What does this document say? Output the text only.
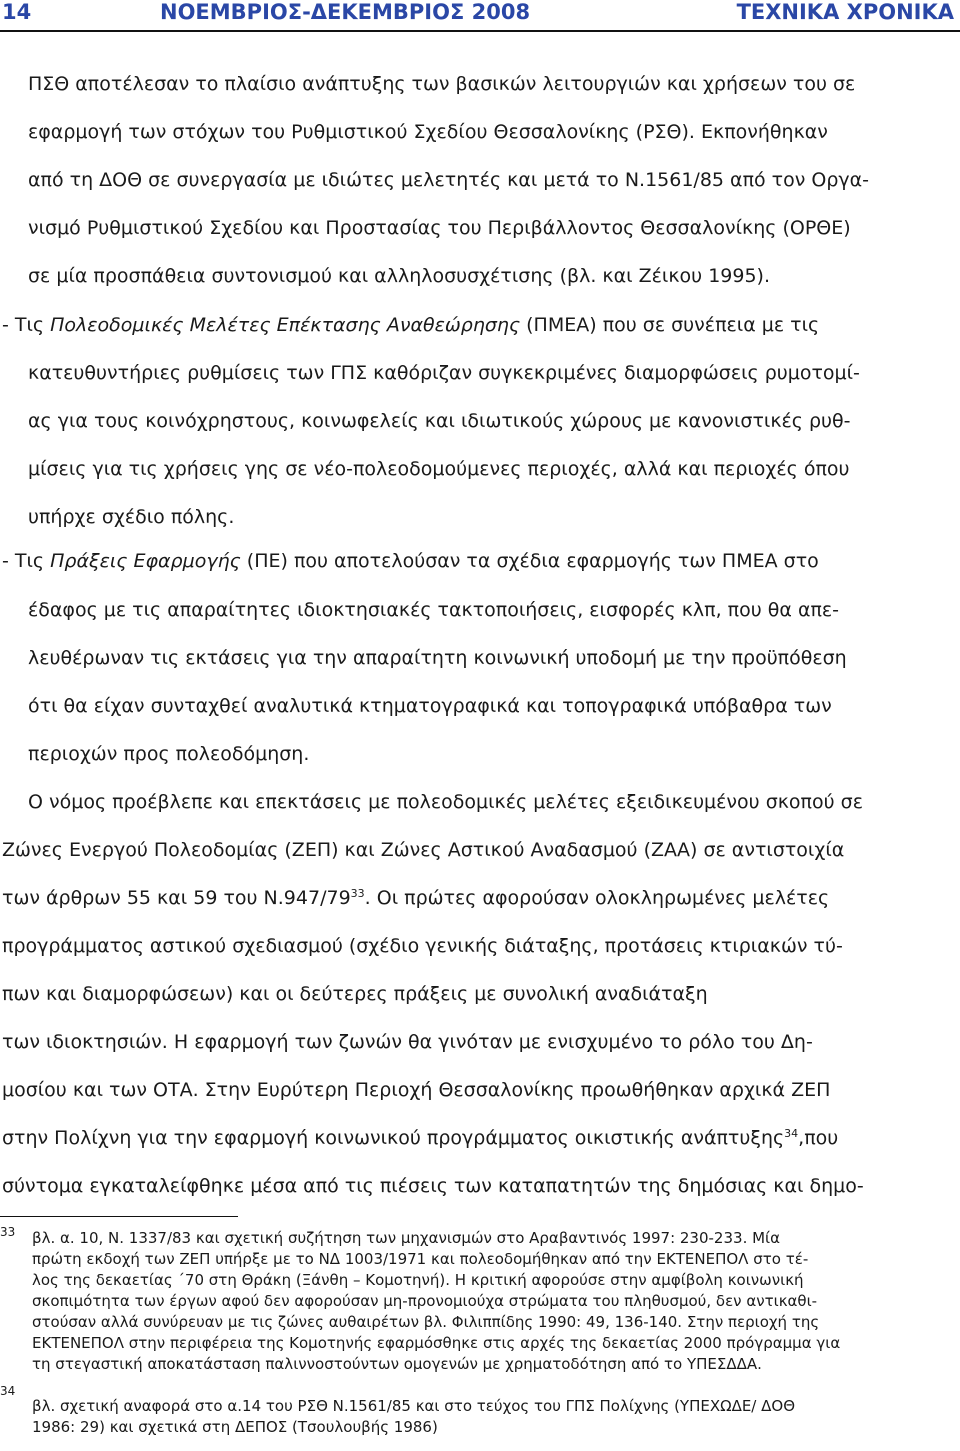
14	ΝΟΕΜΒΡΙΟΣ-ΔΕΚΕΜΒΡΙΟΣ 2008	ΤΕΧΝΙΚΑ ΧΡΟΝΙΚΑ
ΠΣΘ αποτέλεσαν το πλαίσιο ανάπτυξης των βασικών λειτουργιών και χρήσεων του σε
εφαρμογή των στόχων του Ρυθμιστικού Σχεδίου Θεσσαλονίκης (ΡΣΘ). Εκπονήθηκαν
από τη ΔΟΘ σε συνεργασία με ιδιώτες μελετητές και μετά το Ν.1561/85 από τον Οργα-
νισμό Ρυθμιστικού Σχεδίου και Προστασίας του Περιβάλλοντος Θεσσαλονίκης (ΟΡΘΕ)
σε μία προσπάθεια συντονισμού και αλληλοσυσχέτισης (βλ. και Ζέικου 1995).
- Τις Πολεοδομικές Μελέτες Επέκτασης Αναθεώρησης (ΠΜΕΑ) που σε συνέπεια με τις
κατευθυντήριες ρυθμίσεις των ΓΠΣ καθόριζαν συγκεκριμένες διαμορφώσεις ρυμοτομί-
ας για τους κοινόχρηστους, κοινωφελείς και ιδιωτικούς χώρους με κανονιστικές ρυθ-
μίσεις για τις χρήσεις γης σε νέο-πολεοδομούμενες περιοχές, αλλά και περιοχές όπου
υπήρχε σχέδιο πόλης.
- Τις Πράξεις Εφαρμογής (ΠΕ) που αποτελούσαν τα σχέδια εφαρμογής των ΠΜΕΑ στο
έδαφος με τις απαραίτητες ιδιοκτησιακές τακτοποιήσεις, εισφορές κλπ, που θα απε-
λευθέρωναν τις εκτάσεις για την απαραίτητη κοινωνική υποδομή με την προϋπόθεση
ότι θα είχαν συνταχθεί αναλυτικά κτηματογραφικά και τοπογραφικά υπόβαθρα των
περιοχών προς πολεοδόμηση.
Ο νόμος προέβλεπε και επεκτάσεις με πολεοδομικές μελέτες εξειδικευμένου σκοπού σε
Ζώνες Ενεργού Πολεοδομίας (ΖΕΠ) και Ζώνες Αστικού Αναδασμού (ΖΑΑ) σε αντιστοιχία
των άρθρων 55 και 59 του $N.947/79^{33}$. Οι πρώτες αφορούσαν ολοκληρωμένες μελέτες
προγράμματος αστικού σχεδιασμού (σχέδιο γενικής διάταξης, προτάσεις κτιριακών τύ-
πων και διαμορφώσεων) και οι δεύτερες πράξεις με συνολική αναδιάταξη
των ιδιοκτησιών. Η εφαρμογή των ζωνών θα γινόταν με ενισχυμένο το ρόλο του Δη-
μοσίου και των ΟΤΑ. Στην Ευρύτερη Περιοχή Θεσσαλονίκης προωθήθηκαν αρχικά ΖΕΠ
στην Πολίχνη για την εφαρμογή κοινωνικού προγράμματος οικιστικής ανάπτυξης$^{34}$,που
σύντομα εγκαταλείφθηκε μέσα από τις πιέσεις των καταπατητών της δημόσιας και δημο-
33 βλ. α. 10, Ν. 1337/83 και σχετική συζήτηση των μηχανισμών στο Αραβαντινός 1997: 230-233. Μία
πρώτη εκδοχή των ΖΕΠ υπήρξε με το ΝΔ 1003/1971 και πολεοδομήθηκαν από την ΕΚΤΕΝΕΠΟΛ στο τέ-
λος της δεκαετίας ΄70 στη Θράκη (Ξάνθη – Κομοτηνή). Η κριτική αφορούσε στην αμφίβολη κοινωνική
σκοπιμότητα των έργων αφού δεν αφορούσαν μη-προνομιούχα στρώματα του πληθυσμού, δεν αντικαθι-
στούσαν αλλά συνύρευαν με τις ζώνες αυθαιρέτων βλ. Φιλιππίδης 1990: 49, 136-140. Στην περιοχή της
ΕΚΤΕΝΕΠΟΛ στην περιφέρεια της Κομοτηνής εφαρμόσθηκε στις αρχές της δεκαετίας 2000 πρόγραμμα για
τη στεγαστική αποκατάσταση παλιννοστούντων ομογενών με χρηματοδότηση από το ΥΠΕΣΔΔΑ.
34
βλ. σχετική αναφορά στο α.14 του ΡΣΘ Ν.1561/85 και στο τεύχος του ΓΠΣ Πολίχνης (ΥΠΕΧΩΔΕ/ ΔΟΘ
1986: 29) και σχετικά στη ΔΕΠΟΣ (Τσουλουβής 1986)
